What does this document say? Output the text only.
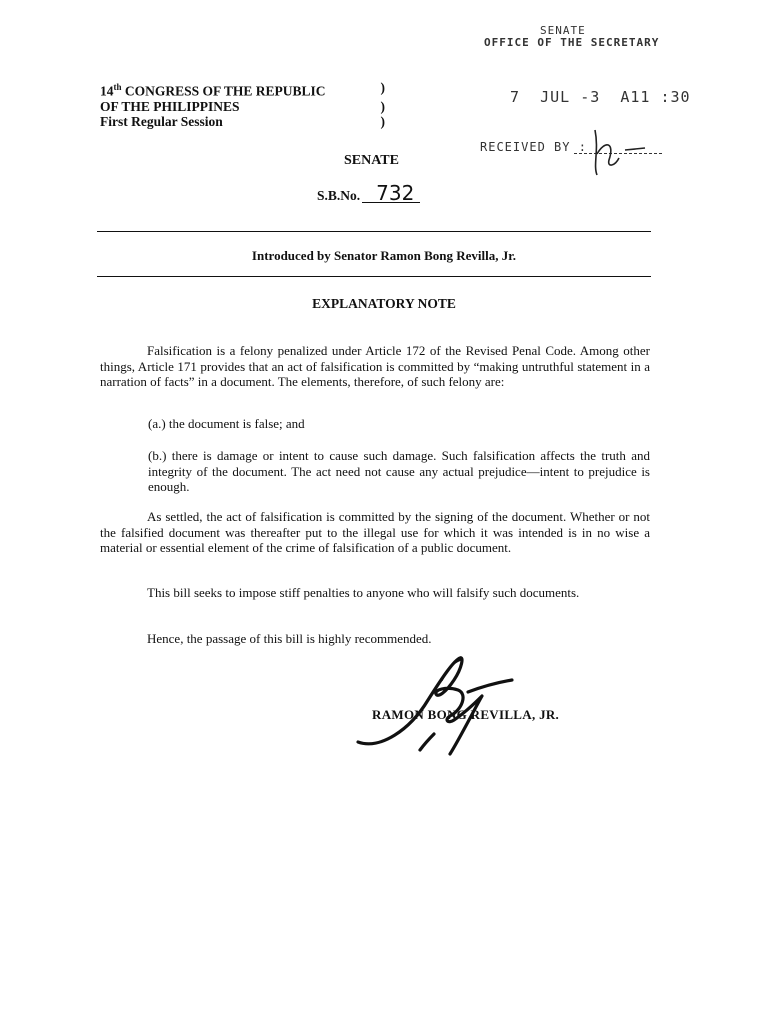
SENATE
OFFICE OF THE SECRETARY
7  JUL -3  A11 :30
RECEIVED BY :
14th CONGRESS OF THE REPUBLIC	)
OF THE PHILIPPINES	)
First Regular Session	)
SENATE
S.B.No. 732
Introduced by Senator Ramon Bong Revilla, Jr.
EXPLANATORY NOTE
Falsification is a felony penalized under Article 172 of the Revised Penal Code. Among other things, Article 171 provides that an act of falsification is committed by “making untruthful statement in a narration of facts” in a document. The elements, therefore, of such felony are:
(a.) the document is false; and
(b.) there is damage or intent to cause such damage. Such falsification affects the truth and integrity of the document. The act need not cause any actual prejudice—intent to prejudice is enough.
As settled, the act of falsification is committed by the signing of the document. Whether or not the falsified document was thereafter put to the illegal use for which it was intended is in no wise a material or essential element of the crime of falsification of a public document.
This bill seeks to impose stiff penalties to anyone who will falsify such documents.
Hence, the passage of this bill is highly recommended.
RAMON BONG REVILLA, JR.
